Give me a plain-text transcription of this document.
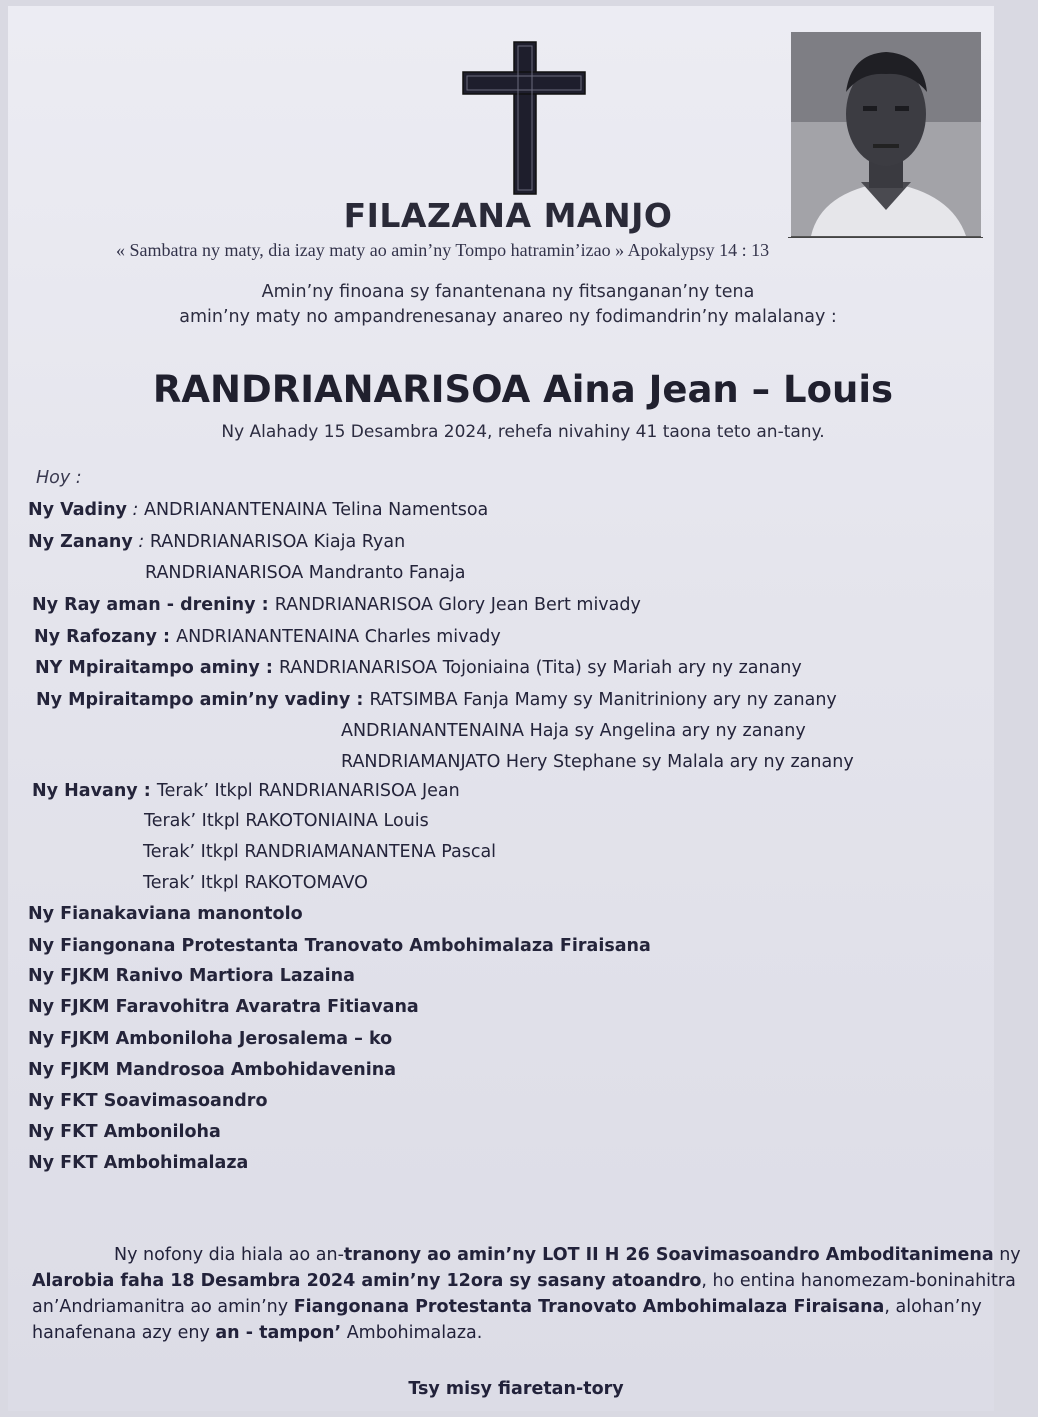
FILAZANA MANJO
« Sambatra ny maty, dia izay maty ao amin’ny Tompo hatramin’izao » Apokalypsy 14 : 13
Amin’ny finoana sy fanantenana ny fitsanganan’ny tena
amin’ny maty no ampandrenesanay anareo ny fodimandrin’ny malalanay :
RANDRIANARISOA Aina Jean – Louis
Ny Alahady 15 Desambra 2024, rehefa nivahiny 41 taona teto an-tany.
Hoy :
Ny Vadiny : ANDRIANANTENAINA Telina Namentsoa
Ny Zanany : RANDRIANARISOA Kiaja Ryan
RANDRIANARISOA Mandranto Fanaja
Ny Ray aman - dreniny : RANDRIANARISOA Glory Jean Bert mivady
Ny Rafozany : ANDRIANANTENAINA Charles mivady
NY Mpiraitampo aminy : RANDRIANARISOA Tojoniaina (Tita) sy Mariah ary ny zanany
Ny Mpiraitampo amin’ny vadiny : RATSIMBA Fanja Mamy sy Manitriniony ary ny zanany
ANDRIANANTENAINA Haja sy Angelina ary ny zanany
RANDRIAMANJATO Hery Stephane sy Malala ary ny zanany
Ny Havany : Terak’ Itkpl RANDRIANARISOA Jean
Terak’ Itkpl RAKOTONIAINA Louis
Terak’ Itkpl RANDRIAMANANTENA Pascal
Terak’ Itkpl RAKOTOMAVO
Ny Fianakaviana manontolo
Ny Fiangonana Protestanta Tranovato Ambohimalaza Firaisana
Ny FJKM Ranivo Martiora Lazaina
Ny FJKM Faravohitra Avaratra Fitiavana
Ny FJKM Amboniloha Jerosalema – ko
Ny FJKM Mandrosoa Ambohidavenina
Ny FKT Soavimasoandro
Ny FKT Amboniloha
Ny FKT Ambohimalaza

Ny nofony dia hiala ao an-tranony ao amin’ny LOT II H 26 Soavimasoandro Amboditanimena ny

Alarobia faha 18 Desambra 2024 amin’ny 12ora sy sasany atoandro, ho entina hanomezam-boninahitra

an’Andriamanitra ao amin’ny Fiangonana Protestanta Tranovato Ambohimalaza Firaisana, alohan’ny

hanafenana azy eny an - tampon’ Ambohimalaza.

Tsy misy fiaretan-tory
